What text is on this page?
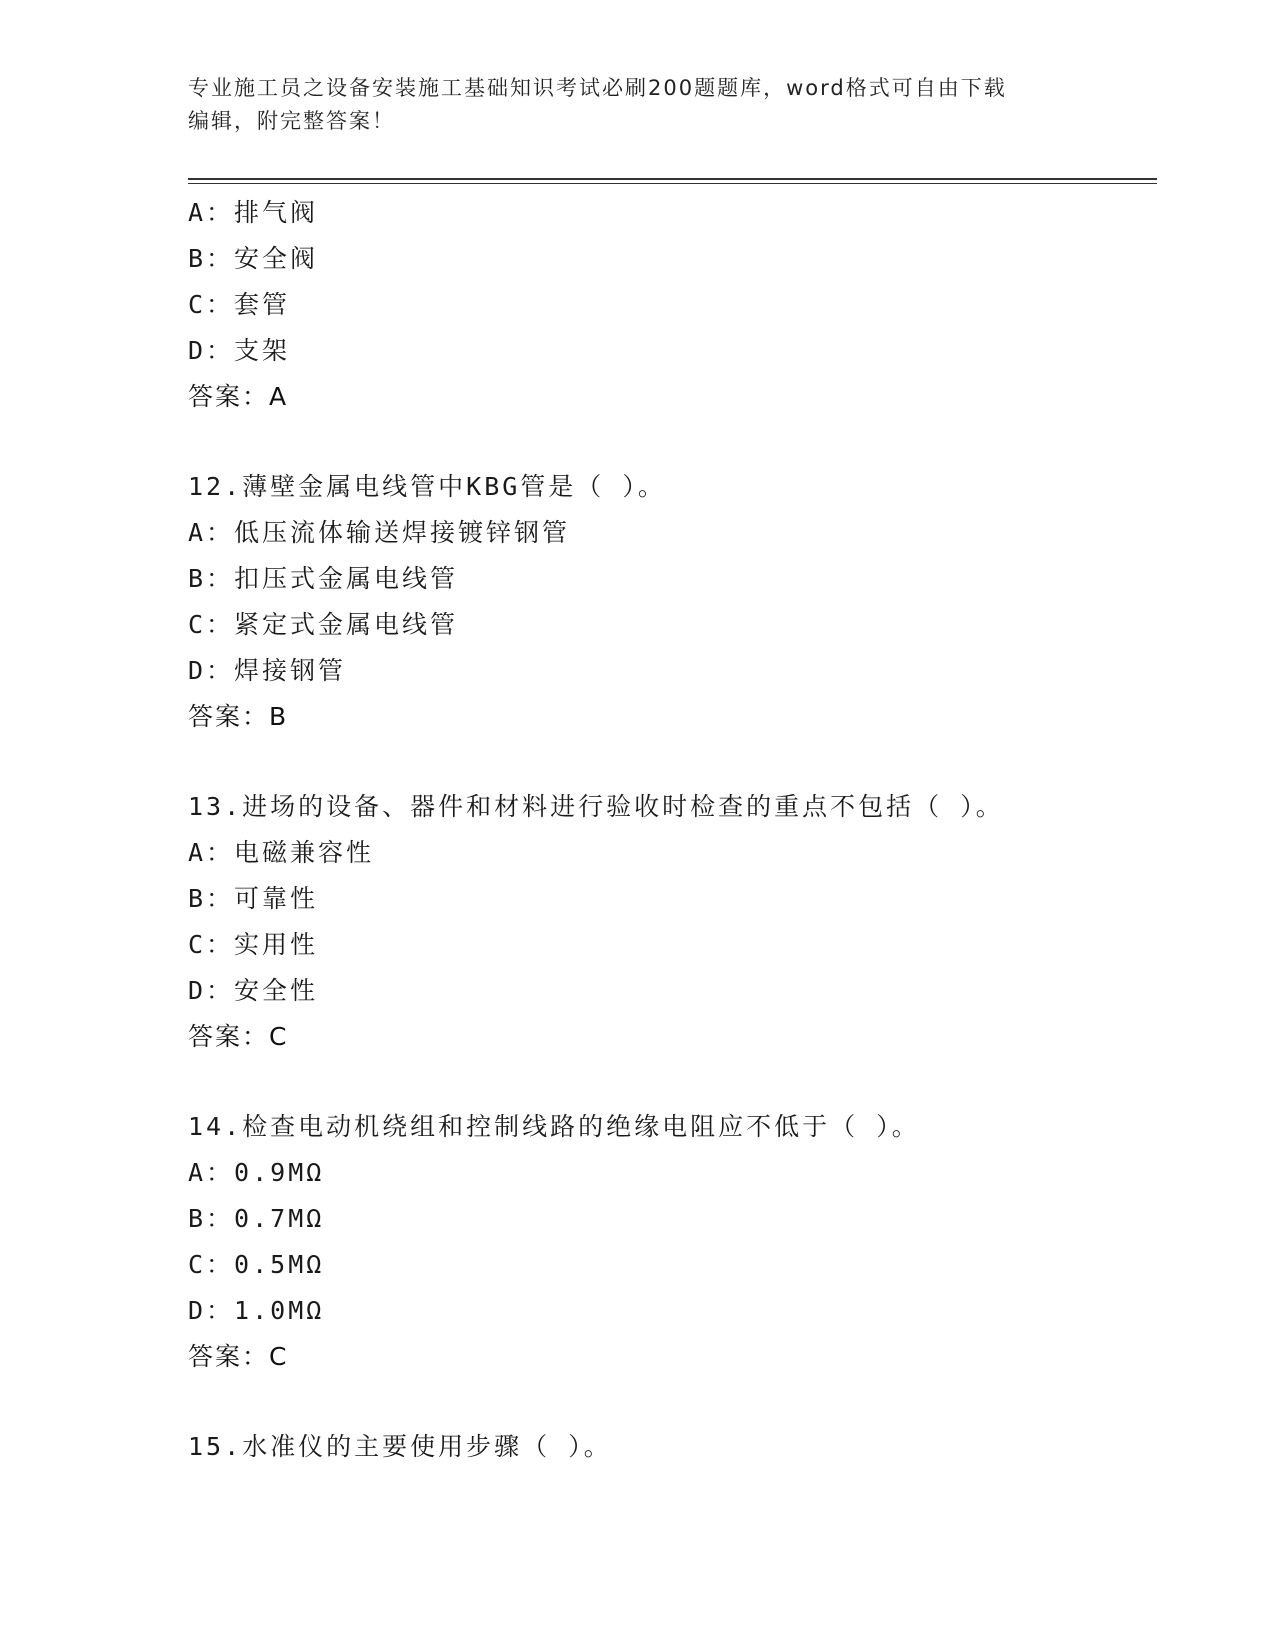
专业施工员之设备安装施工基础知识考试必刷200题题库，word格式可自由下载
编辑，附完整答案！
A：排气阀
B：安全阀
C：套管
D：支架
答案：A
12.薄壁金属电线管中KBG管是（ ）。
A：低压流体输送焊接镀锌钢管
B：扣压式金属电线管
C：紧定式金属电线管
D：焊接钢管
答案：B
13.进场的设备、器件和材料进行验收时检查的重点不包括（ ）。
A：电磁兼容性
B：可靠性
C：实用性
D：安全性
答案：C
14.检查电动机绕组和控制线路的绝缘电阻应不低于（ ）。
A：0.9MΩ
B：0.7MΩ
C：0.5MΩ
D：1.0MΩ
答案：C
15.水准仪的主要使用步骤（ ）。
